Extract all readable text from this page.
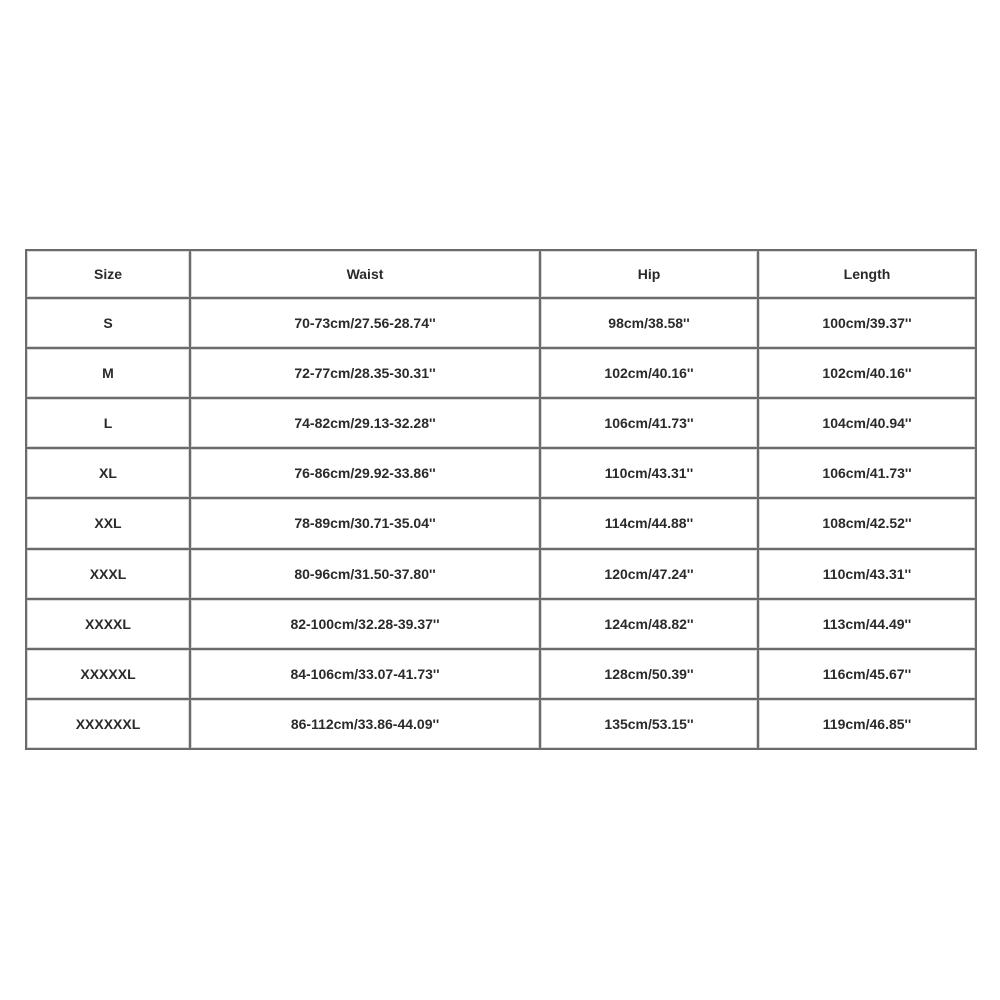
Size	Waist	Hip	Length
S	70-73cm/27.56-28.74''	98cm/38.58''	100cm/39.37''
M	72-77cm/28.35-30.31''	102cm/40.16''	102cm/40.16''
L	74-82cm/29.13-32.28''	106cm/41.73''	104cm/40.94''
XL	76-86cm/29.92-33.86''	110cm/43.31''	106cm/41.73''
XXL	78-89cm/30.71-35.04''	114cm/44.88''	108cm/42.52''
XXXL	80-96cm/31.50-37.80''	120cm/47.24''	110cm/43.31''
XXXXL	82-100cm/32.28-39.37''	124cm/48.82''	113cm/44.49''
XXXXXL	84-106cm/33.07-41.73''	128cm/50.39''	116cm/45.67''
XXXXXXL	86-112cm/33.86-44.09''	135cm/53.15''	119cm/46.85''
